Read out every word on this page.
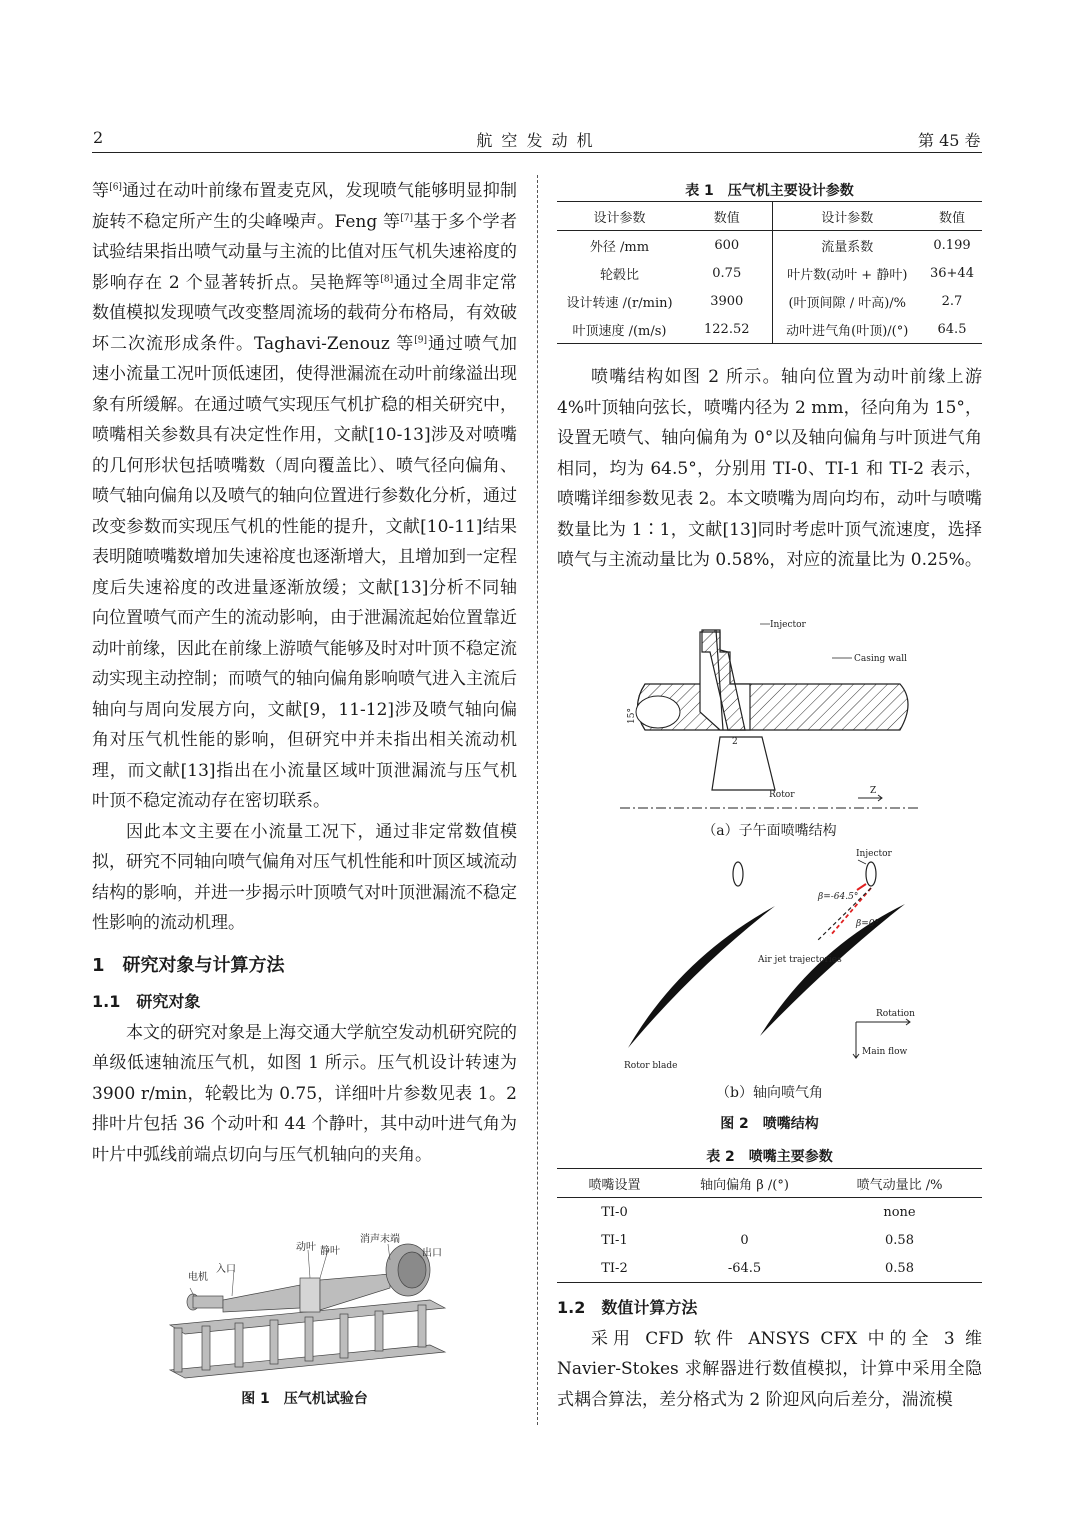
2	航 空 发 动 机	第 45 卷

等[6]通过在动叶前缘布置麦克风，发现喷气能够明显抑制旋转不稳定所产生的尖峰噪声。Feng 等[7]基于多个学者试验结果指出喷气动量与主流的比值对压气机失速裕度的影响存在 2 个显著转折点。吴艳辉等[8]通过全周非定常数值模拟发现喷气改变整周流场的载荷分布格局，有效破坏二次流形成条件。Taghavi-Zenouz 等[9]通过喷气加速小流量工况叶顶低速团，使得泄漏流在动叶前缘溢出现象有所缓解。在通过喷气实现压气机扩稳的相关研究中，喷嘴相关参数具有决定性作用，文献[10-13]涉及对喷嘴的几何形状包括喷嘴数（周向覆盖比）、喷气径向偏角、喷气轴向偏角以及喷气的轴向位置进行参数化分析，通过改变参数而实现压气机的性能的提升，文献[10-11]结果表明随喷嘴数增加失速裕度也逐渐增大，且增加到一定程度后失速裕度的改进量逐渐放缓；文献[13]分析不同轴向位置喷气而产生的流动影响，由于泄漏流起始位置靠近动叶前缘，因此在前缘上游喷气能够及时对叶顶不稳定流动实现主动控制；而喷气的轴向偏角影响喷气进入主流后轴向与周向发展方向，文献[9，11-12]涉及喷气轴向偏角对压气机性能的影响，但研究中并未指出相关流动机理，而文献[13]指出在小流量区域叶顶泄漏流与压气机叶顶不稳定流动存在密切联系。

因此本文主要在小流量工况下，通过非定常数值模拟，研究不同轴向喷气偏角对压气机性能和叶顶区域流动结构的影响，并进一步揭示叶顶喷气对叶顶泄漏流不稳定性影响的流动机理。

1　研究对象与计算方法

1.1　研究对象

本文的研究对象是上海交通大学航空发动机研究院的单级低速轴流压气机，如图 1 所示。压气机设计转速为 3900 r/min，轮毂比为 0.75，详细叶片参数见表 1。2 排叶片包括 36 个动叶和 44 个静叶，其中动叶进气角为叶片中弧线前端点切向与压气机轴向的夹角。

电机
入口
动叶 静叶
消声末端
出口
图 1　压气机试验台
表 1　压气机主要设计参数
设计参数	数值	设计参数	数值
外径 /mm	600	流量系数	0.199
轮毂比	0.75	叶片数(动叶 + 静叶)	36+44
设计转速 /(r/min)	3900	(叶顶间隙 / 叶高)/%	2.7
叶顶速度 /(m/s)	122.52	动叶进气角(叶顶)/(°)	64.5

喷嘴结构如图 2 所示。轴向位置为动叶前缘上游 4%叶顶轴向弦长，喷嘴内径为 2 mm，径向角为 15°，设置无喷气、轴向偏角为 0°以及轴向偏角与叶顶进气角相同，均为 64.5°，分别用 TI-0、TI-1 和 TI-2 表示，喷嘴详细参数见表 2。本文喷嘴为周向均布，动叶与喷嘴数量比为 1∶1，文献[13]同时考虑叶顶气流速度，选择喷气与主流动量比为 0.58%，对应的流量比为 0.25%。

Injector
Casing wall
15°
2
Rotor	Z
（a）子午面喷嘴结构
Injector
β=-64.5°
β=0°
Air jet trajectories
Rotation
Main flow
Rotor blade
（b）轴向喷气角
图 2　喷嘴结构
表 2　喷嘴主要参数
喷嘴设置	轴向偏角 β /(°)	喷气动量比 /%
TI-0		none
TI-1	0	0.58
TI-2	-64.5	0.58

1.2　数值计算方法

采用 CFD 软件 ANSYS CFX 中的全 3 维 Navier-Stokes 求解器进行数值模拟，计算中采用全隐式耦合算法，差分格式为 2 阶迎风向后差分，湍流模
